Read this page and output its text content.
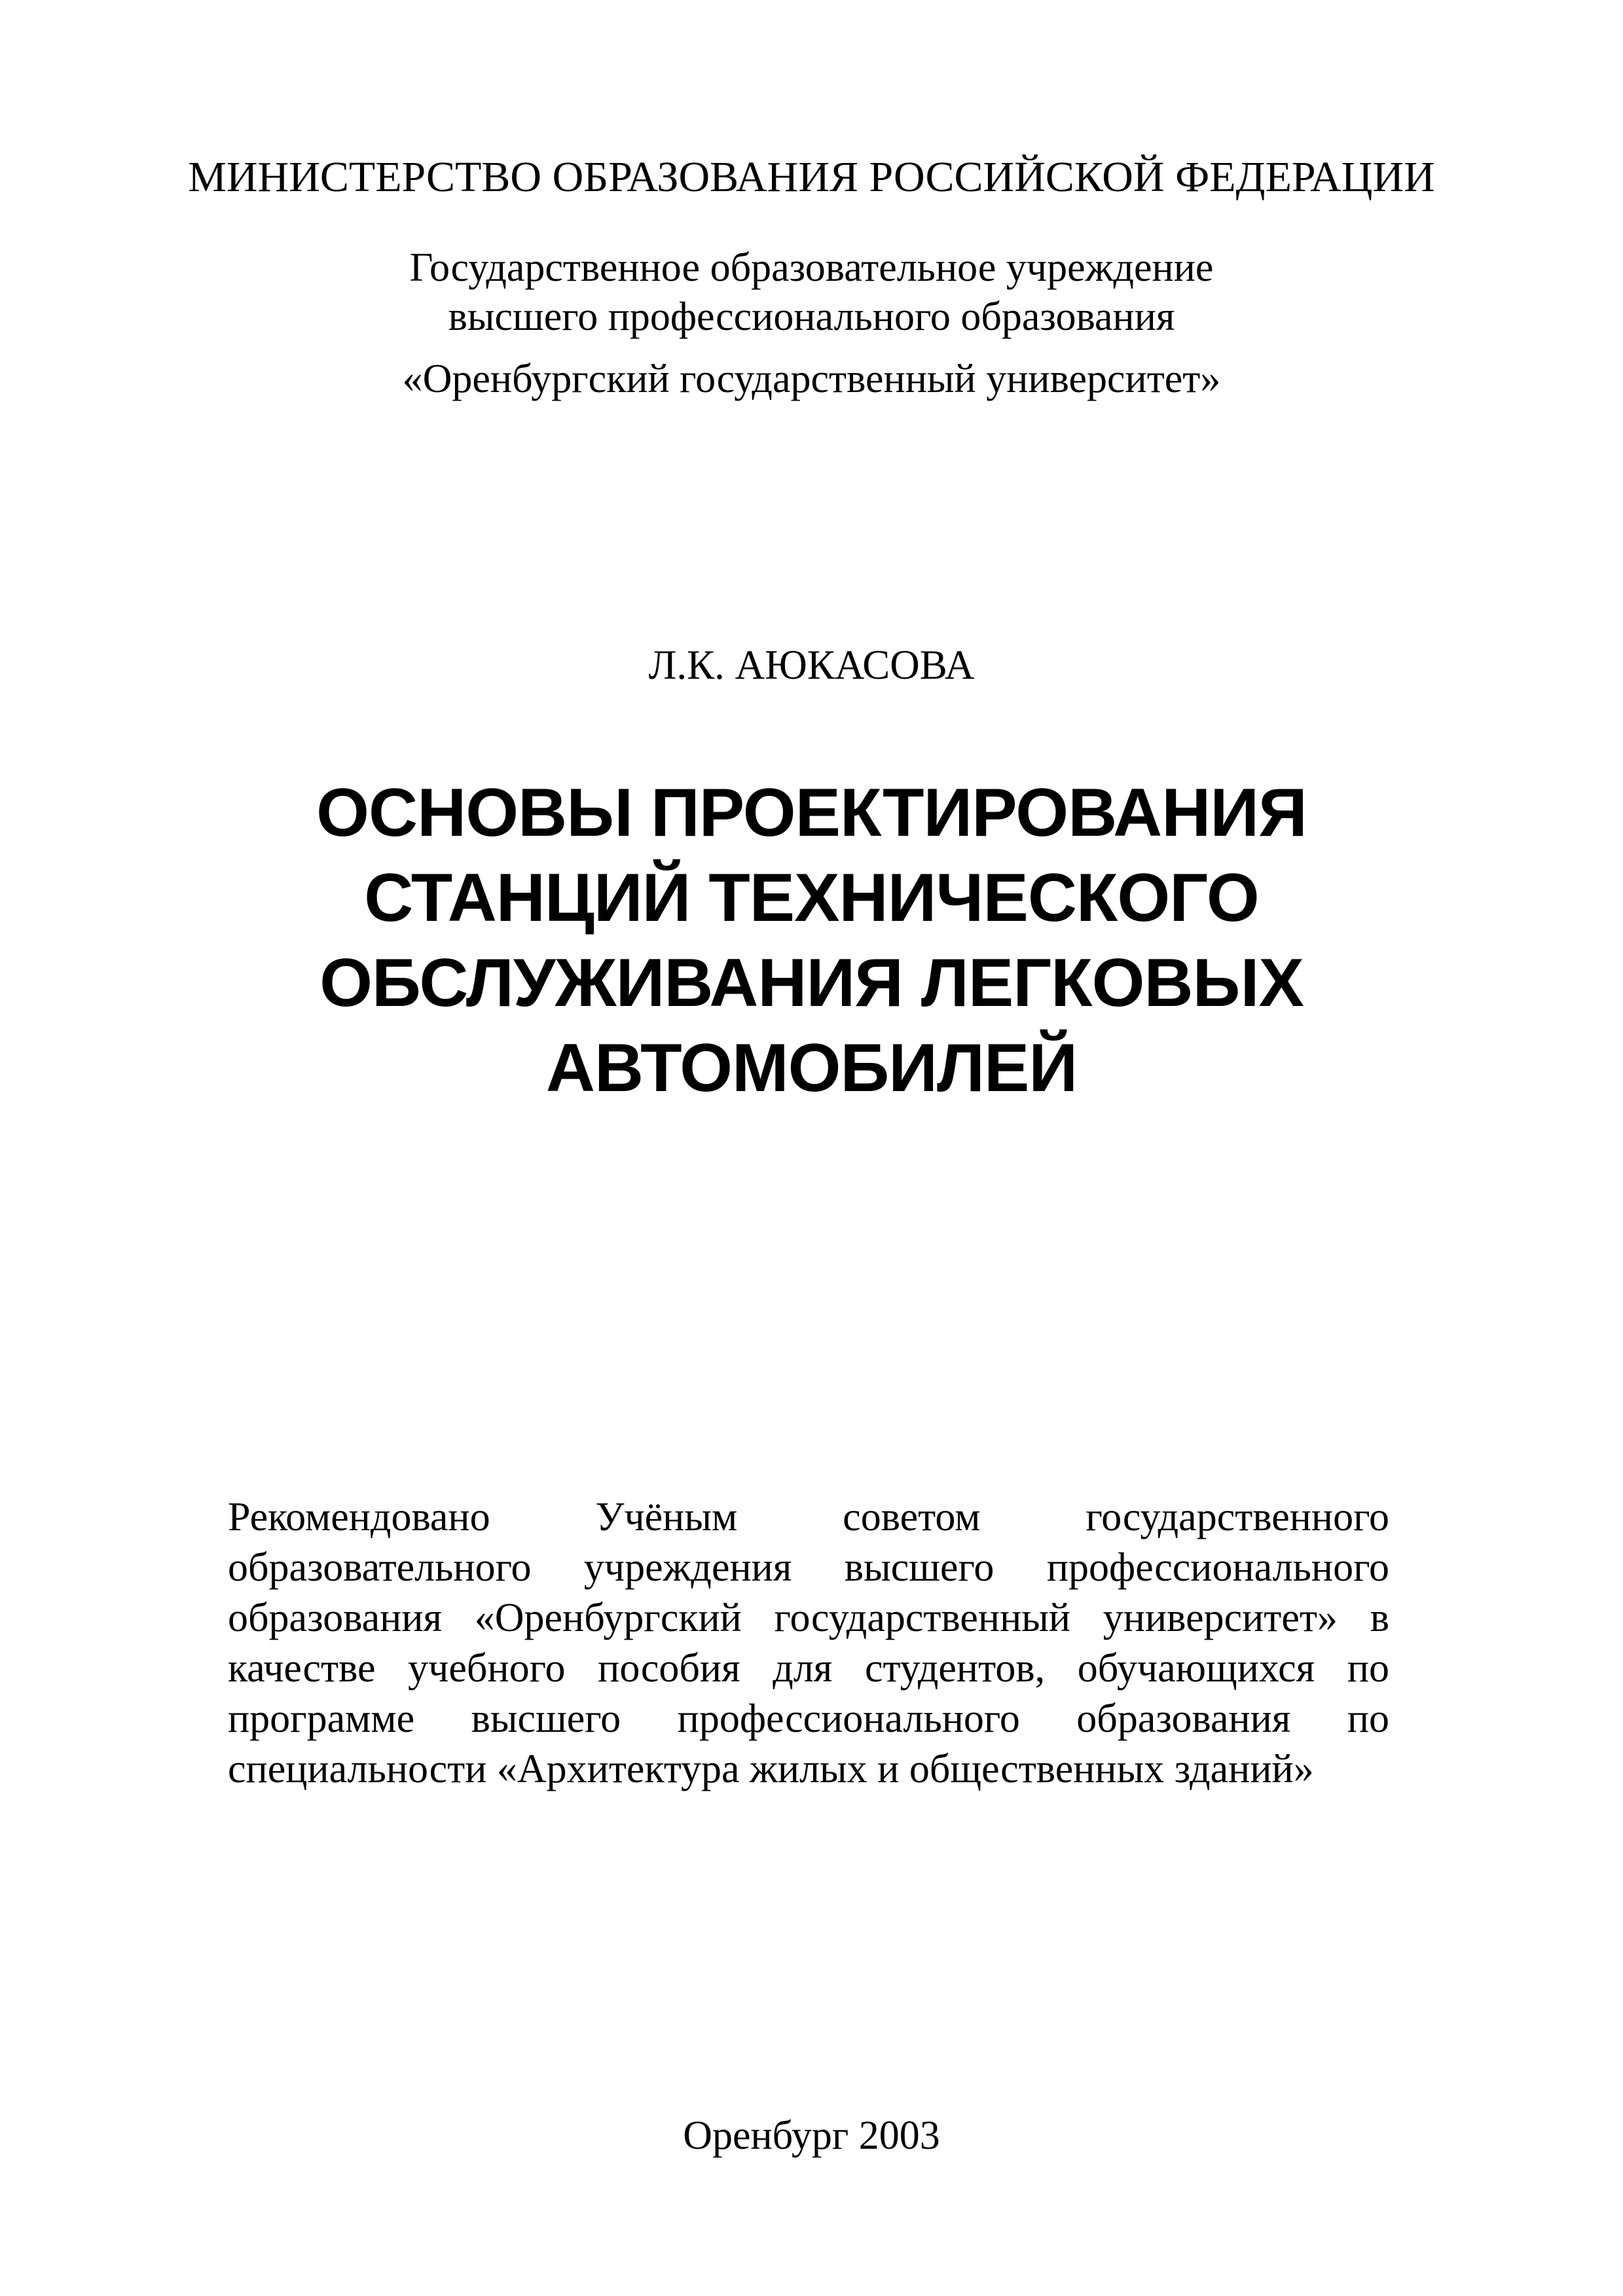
МИНИСТЕРСТВО ОБРАЗОВАНИЯ РОССИЙСКОЙ ФЕДЕРАЦИИ

Государственное образовательное учреждение

высшего профессионального образования

«Оренбургский государственный университет»

Л.К. АЮКАСОВА

ОСНОВЫ ПРОЕКТИРОВАНИЯ
СТАНЦИЙ ТЕХНИЧЕСКОГО
ОБСЛУЖИВАНИЯ ЛЕГКОВЫХ
АВТОМОБИЛЕЙ

Рекомендовано Учёным советом государственного образовательного учреждения высшего профессионального образования «Оренбургский государственный университет» в качестве учебного пособия для студентов, обучающихся по программе высшего профессионального образования по специальности «Архитектура жилых и общественных зданий»

Оренбург 2003
